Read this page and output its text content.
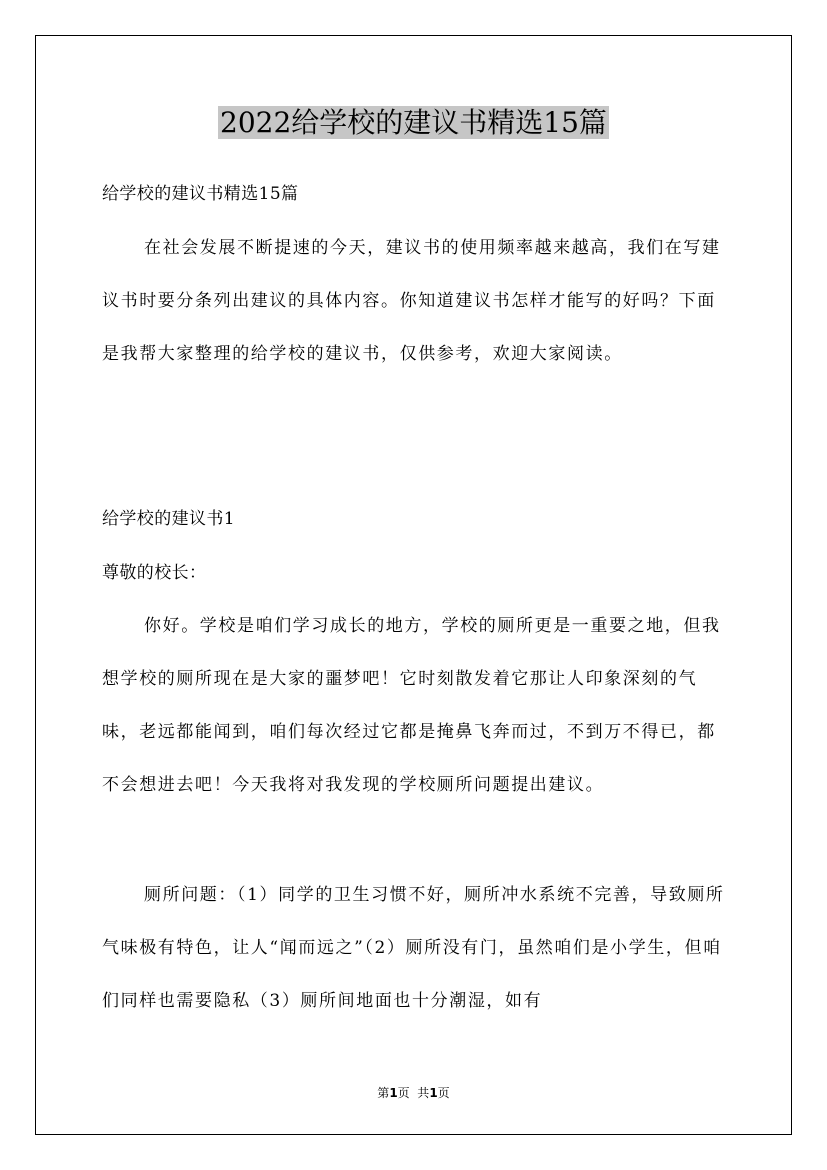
2022给学校的建议书精选15篇
给学校的建议书精选15篇
在社会发展不断提速的今天，建议书的使用频率越来越高，我们在写建议书时要分条列出建议的具体内容。你知道建议书怎样才能写的好吗？下面是我帮大家整理的给学校的建议书，仅供参考，欢迎大家阅读。
给学校的建议书1
尊敬的校长：
你好。学校是咱们学习成长的地方，学校的厕所更是一重要之地，但我想学校的厕所现在是大家的噩梦吧！它时刻散发着它那让人印象深刻的气味，老远都能闻到，咱们每次经过它都是掩鼻飞奔而过，不到万不得已，都不会想进去吧！今天我将对我发现的学校厕所问题提出建议。
厕所问题：（1）同学的卫生习惯不好，厕所冲水系统不完善，导致厕所气味极有特色，让人“闻而远之”（2）厕所没有门，虽然咱们是小学生，但咱们同样也需要隐私（3）厕所间地面也十分潮湿，如有
第1页  共1页
